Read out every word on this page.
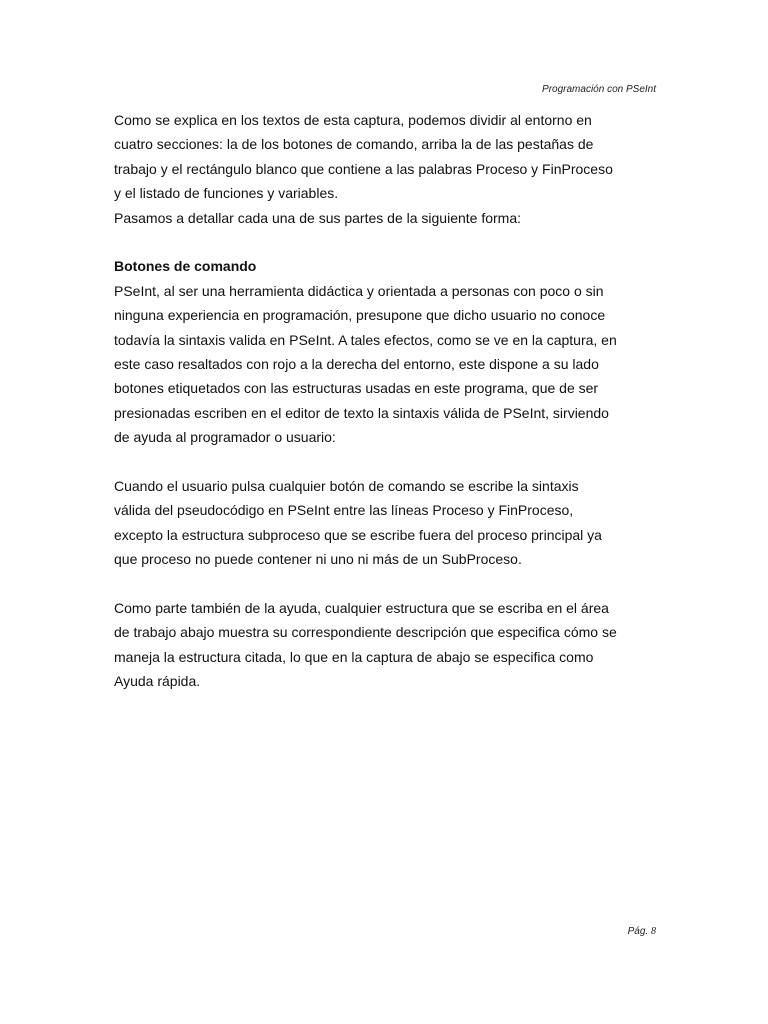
Programación con PSeInt

Como se explica en los textos de esta captura, podemos dividir al entorno en

cuatro secciones: la de los botones de comando, arriba la de las pestañas de

trabajo y el rectángulo blanco que contiene a las palabras Proceso y FinProceso

y el listado de funciones y variables.

Pasamos a detallar cada una de sus partes de la siguiente forma:

Botones de comando

PSeInt, al ser una herramienta didáctica y orientada a personas con poco o sin

ninguna experiencia en programación, presupone que dicho usuario no conoce

todavía la sintaxis valida en PSeInt. A tales efectos, como se ve en la captura, en

este caso resaltados con rojo a la derecha del entorno, este dispone a su lado

botones etiquetados con las estructuras usadas en este programa, que de ser

presionadas escriben en el editor de texto la sintaxis válida de PSeInt, sirviendo

de ayuda al programador o usuario:

Cuando el usuario pulsa cualquier botón de comando se escribe la sintaxis

válida del pseudocódigo en PSeInt entre las líneas Proceso y FinProceso,

excepto la estructura subproceso que se escribe fuera del proceso principal ya

que proceso no puede contener ni uno ni más de un SubProceso.

Como parte también de la ayuda, cualquier estructura que se escriba en el área

de trabajo abajo muestra su correspondiente descripción que especifica cómo se

maneja la estructura citada, lo que en la captura de abajo se especifica como

Ayuda rápida.

Pág. 8
